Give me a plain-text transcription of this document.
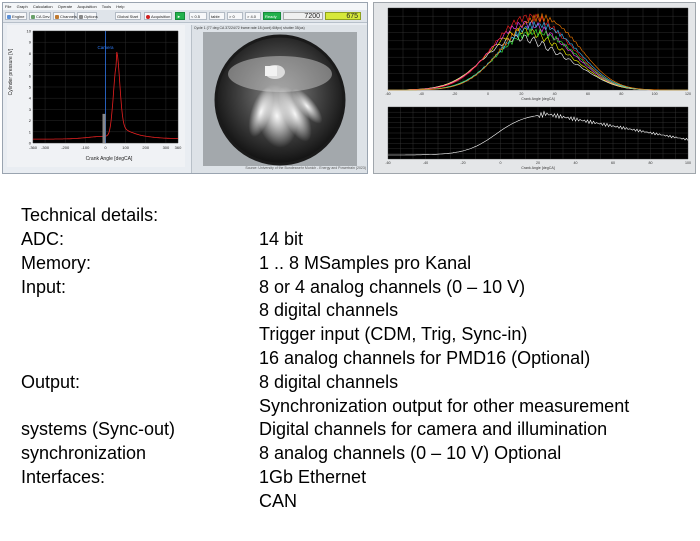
File Graph Calculation Operate Acquisition Tools Help
Engine	CA Dev.	Channels	Options	Global Start	Acquisition	►	< 0.5	table	> 0	> 4.0	Ready	7200	675
10
9
8
7
6
5
4
3
2
1
0
-360 -300	-200	-100	0	100	200	300 360
Camera
Cylinder pressure [V]
Crank Angle [degCA]
Cycle 1 (77 deg CA 37224/72 frame rate 18 (cont) 6Mpx) shutter 35(us)
Source: University of the Bundeswehr Munich - Energy and Powertrain (2023)
-60	-40	-20	0	20	40	60	80	100	120
Crank Angle [degCA]
-60	-40	-20	0	20	40	60	80	100
Crank Angle [degCA]
Technical details:
ADC:	14 bit
Memory:	1 .. 8 MSamples pro Kanal
Input:	8 or 4 analog channels (0 – 10 V)
8 digital channels
Trigger input (CDM, Trig, Sync-in)
16 analog channels for PMD16 (Optional)
Output:	8 digital channels
Synchronization output for other measurement
systems (Sync-out)	Digital channels for camera and illumination
synchronization	8 analog channels (0 – 10 V) Optional
Interfaces:	1Gb Ethernet
CAN
